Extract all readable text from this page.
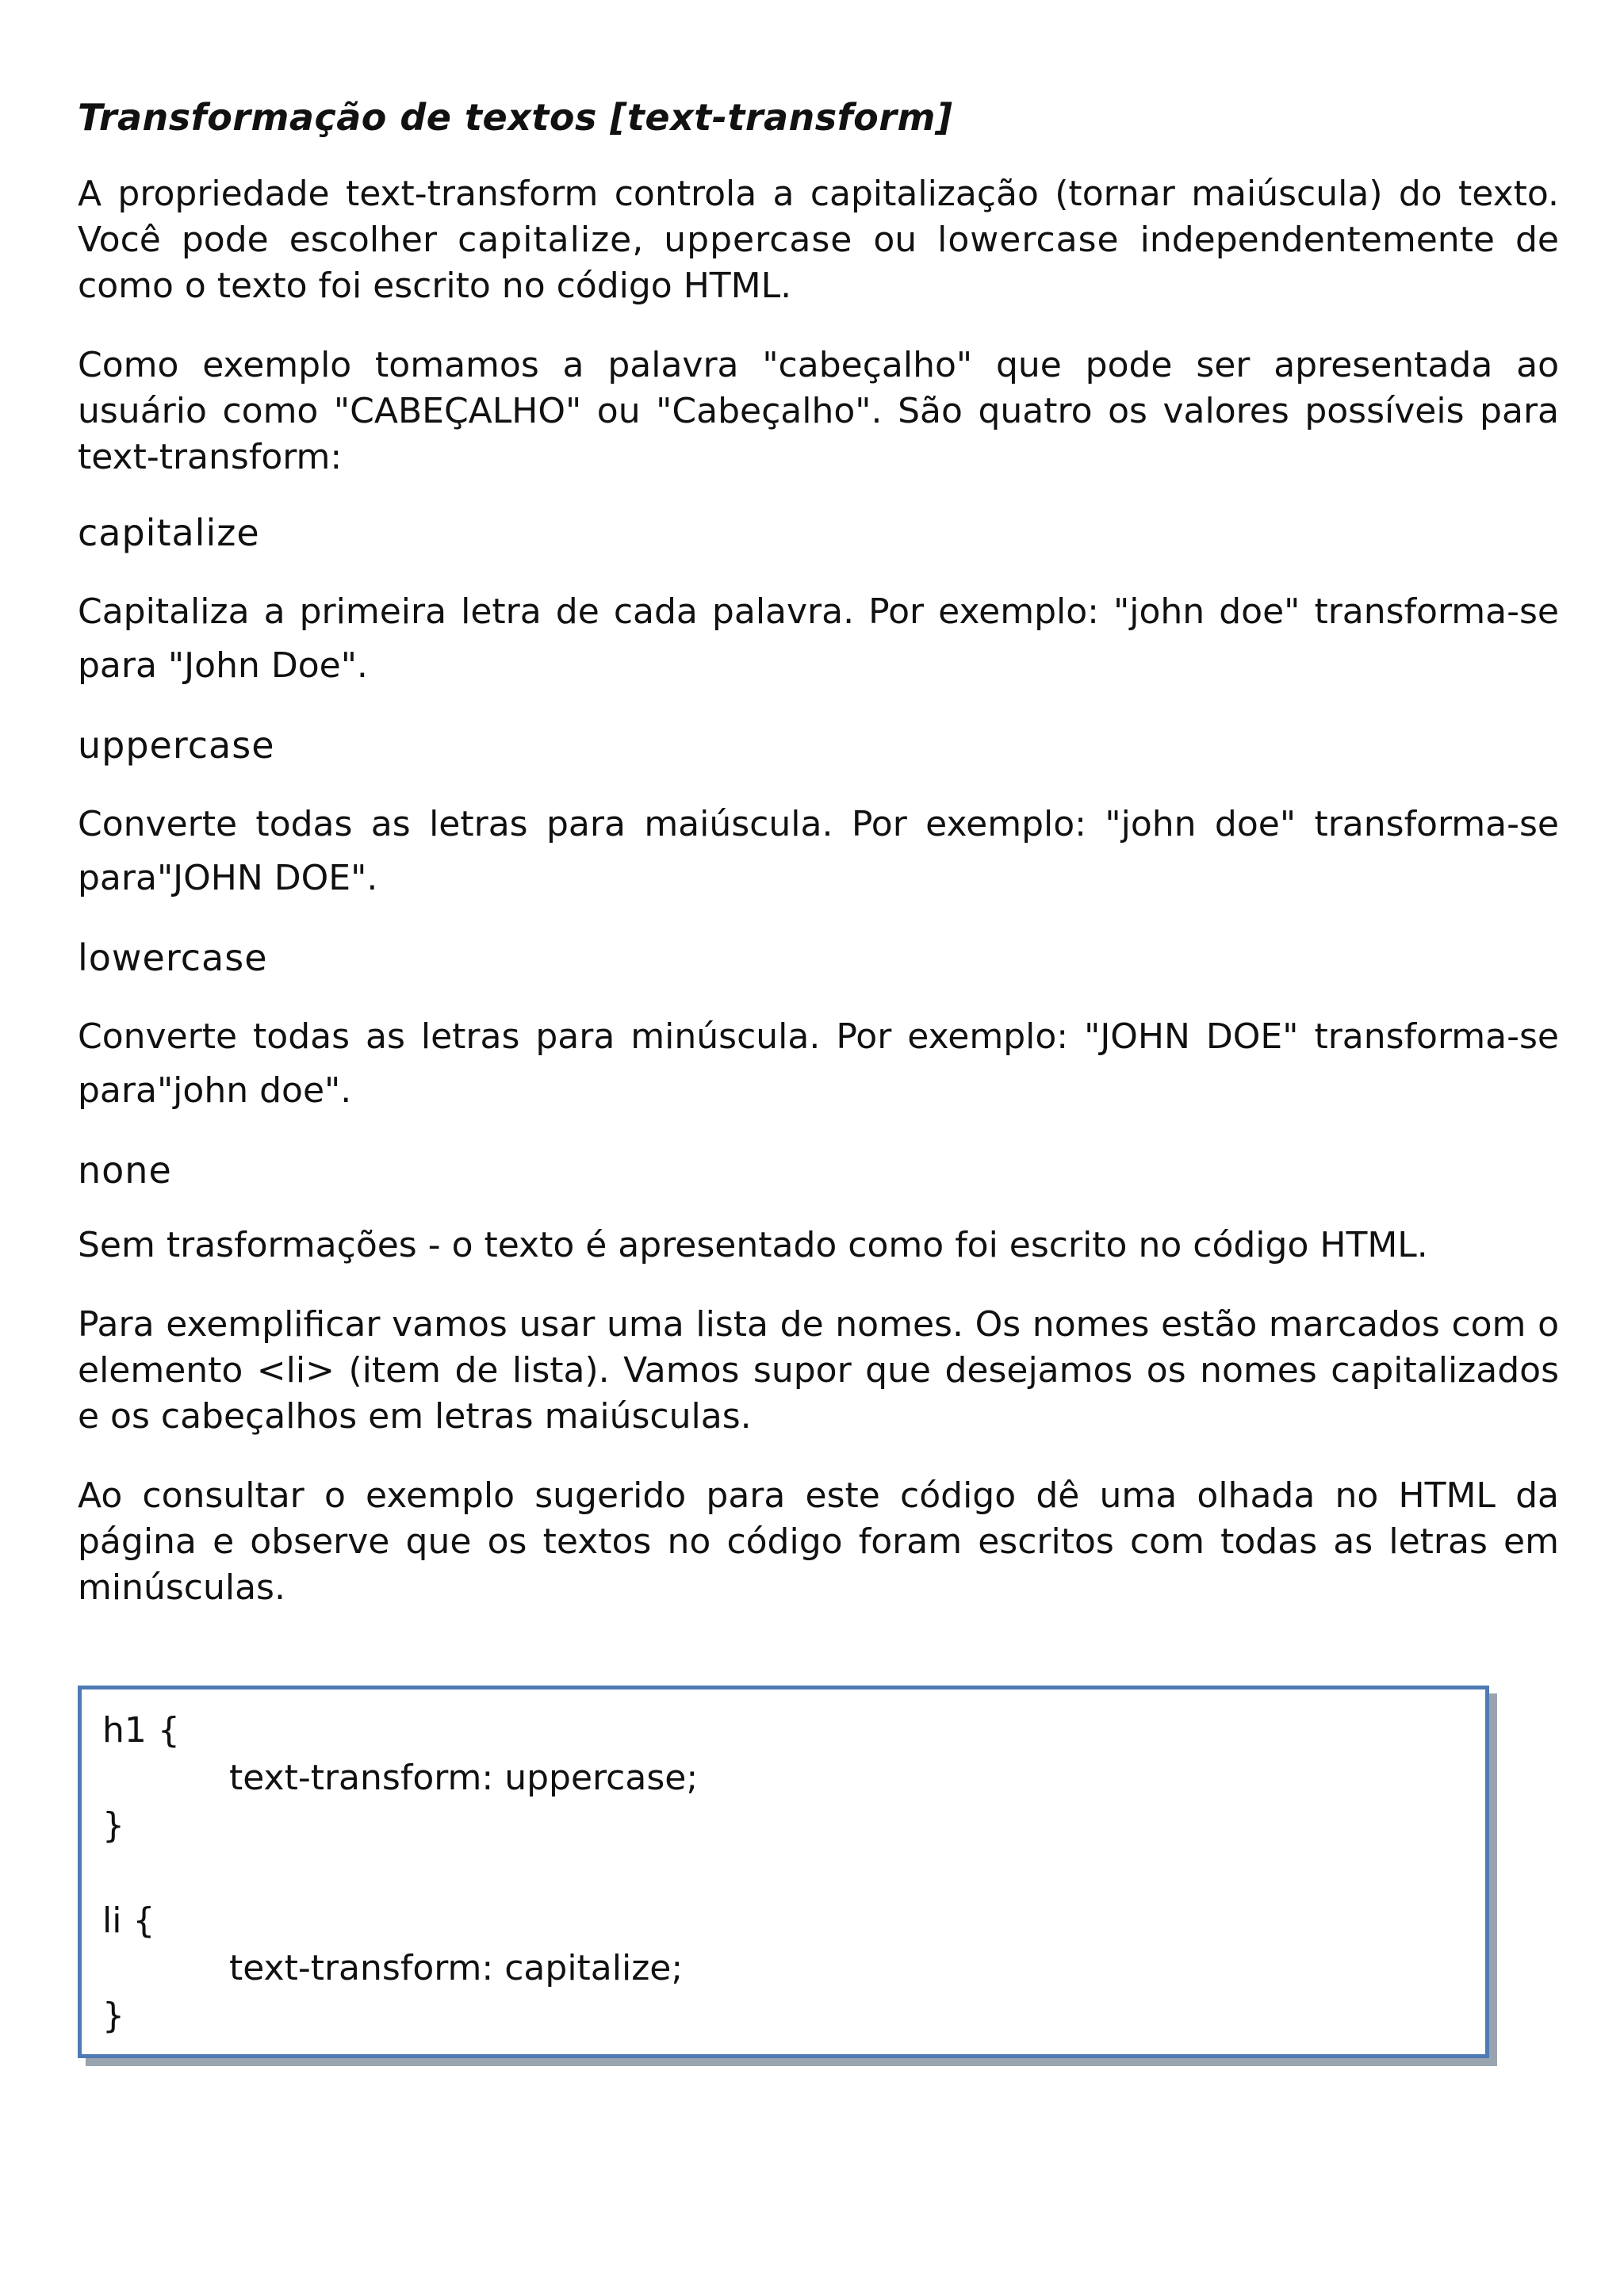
Transformação de textos [text-transform]

A propriedade text-transform controla a capitalização (tornar maiúscula) do texto. Você pode escolher capitalize, uppercase ou lowercase independentemente de como o texto foi escrito no código HTML.

Como exemplo tomamos a palavra "cabeçalho" que pode ser apresentada ao usuário como "CABEÇALHO" ou "Cabeçalho". São quatro os valores possíveis para text-transform:

capitalize

Capitaliza a primeira letra de cada palavra. Por exemplo: "john doe" transforma-se para "John Doe".

uppercase

Converte todas as letras para maiúscula. Por exemplo: "john doe" transforma-se para"JOHN DOE".

lowercase

Converte todas as letras para minúscula. Por exemplo: "JOHN DOE" transforma-se para"john doe".

none

Sem trasformações - o texto é apresentado como foi escrito no código HTML.

Para exemplificar vamos usar uma lista de nomes. Os nomes estão marcados com o elemento <li> (item de lista). Vamos supor que desejamos os nomes capitalizados e os cabeçalhos em letras maiúsculas.

Ao consultar o exemplo sugerido para este código dê uma olhada no HTML da página e observe que os textos no código foram escritos com todas as letras em minúsculas.

h1 {
text-transform: uppercase;
}
li {
text-transform: capitalize;
}
